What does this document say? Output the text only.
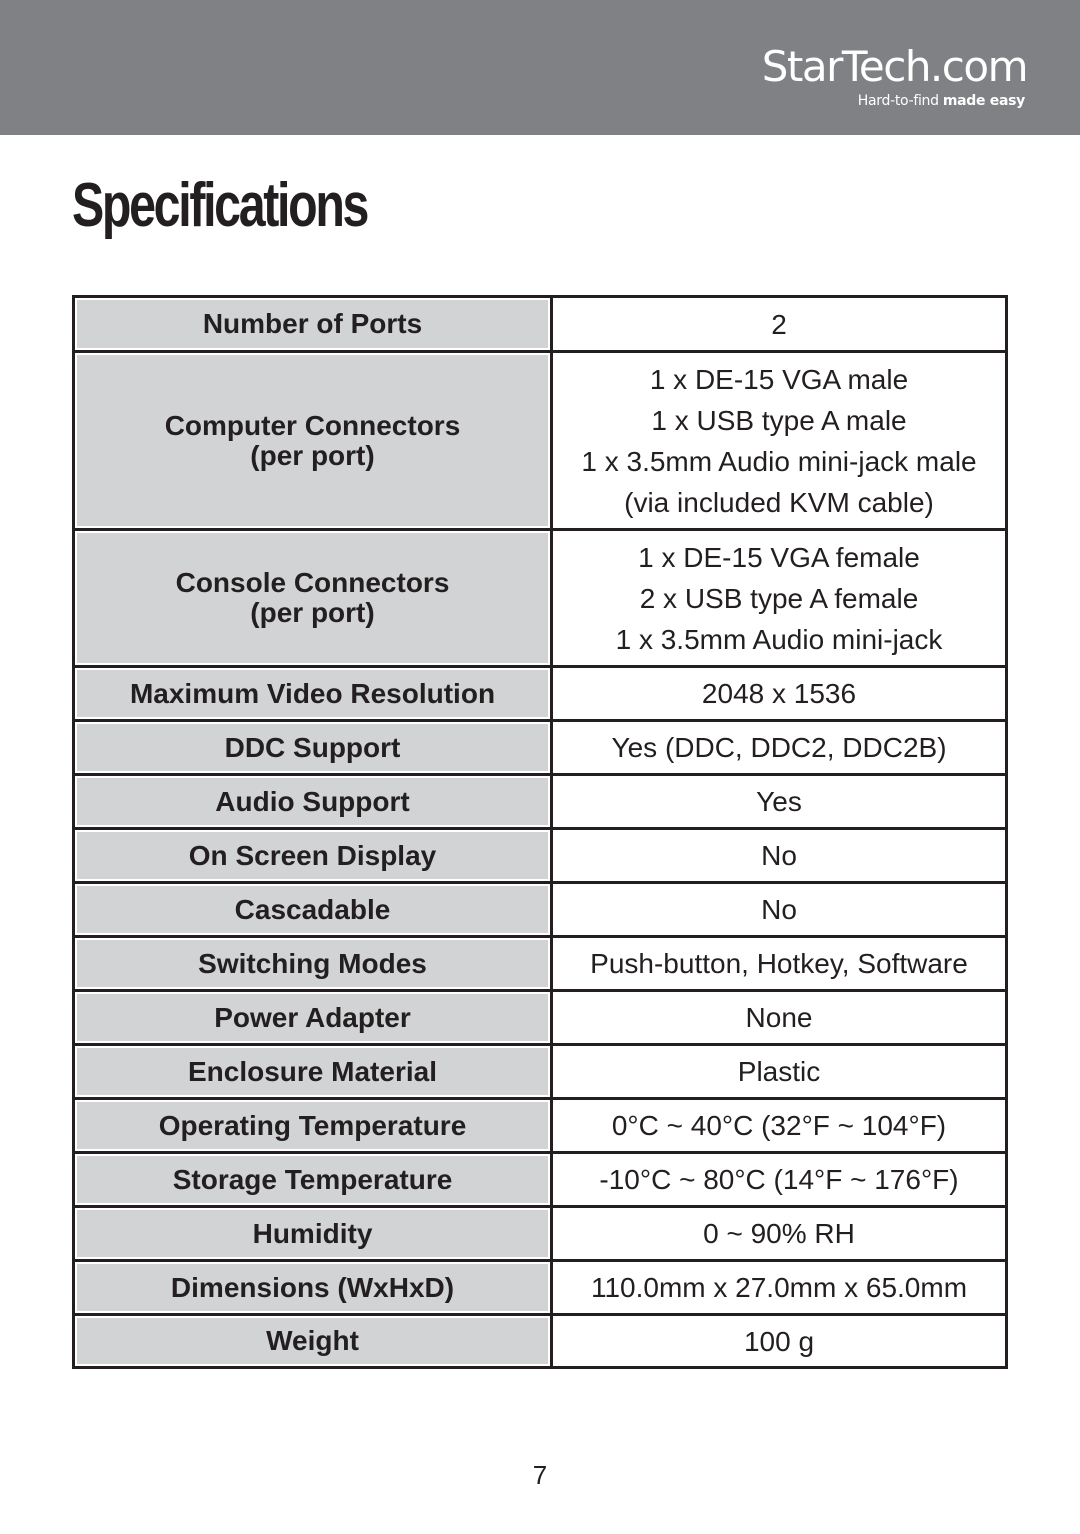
StarTech.com
Hard-to-find made easy
Specifications
Number of Ports	2

Computer Connectors
(per port)	1 x DE-15 VGA male
1 x USB type A male
1 x 3.5mm Audio mini-jack male
(via included KVM cable)

Console Connectors
(per port)	1 x DE-15 VGA female
2 x USB type A female
1 x 3.5mm Audio mini-jack

Maximum Video Resolution	2048 x 1536

DDC Support	Yes (DDC, DDC2, DDC2B)

Audio Support	Yes

On Screen Display	No

Cascadable	No

Switching Modes	Push-button, Hotkey, Software

Power Adapter	None

Enclosure Material	Plastic

Operating Temperature	0°C ~ 40°C (32°F ~ 104°F)

Storage Temperature	-10°C ~ 80°C (14°F ~ 176°F)

Humidity	0 ~ 90% RH

Dimensions (WxHxD)	110.0mm x 27.0mm x 65.0mm

Weight	100 g
7
